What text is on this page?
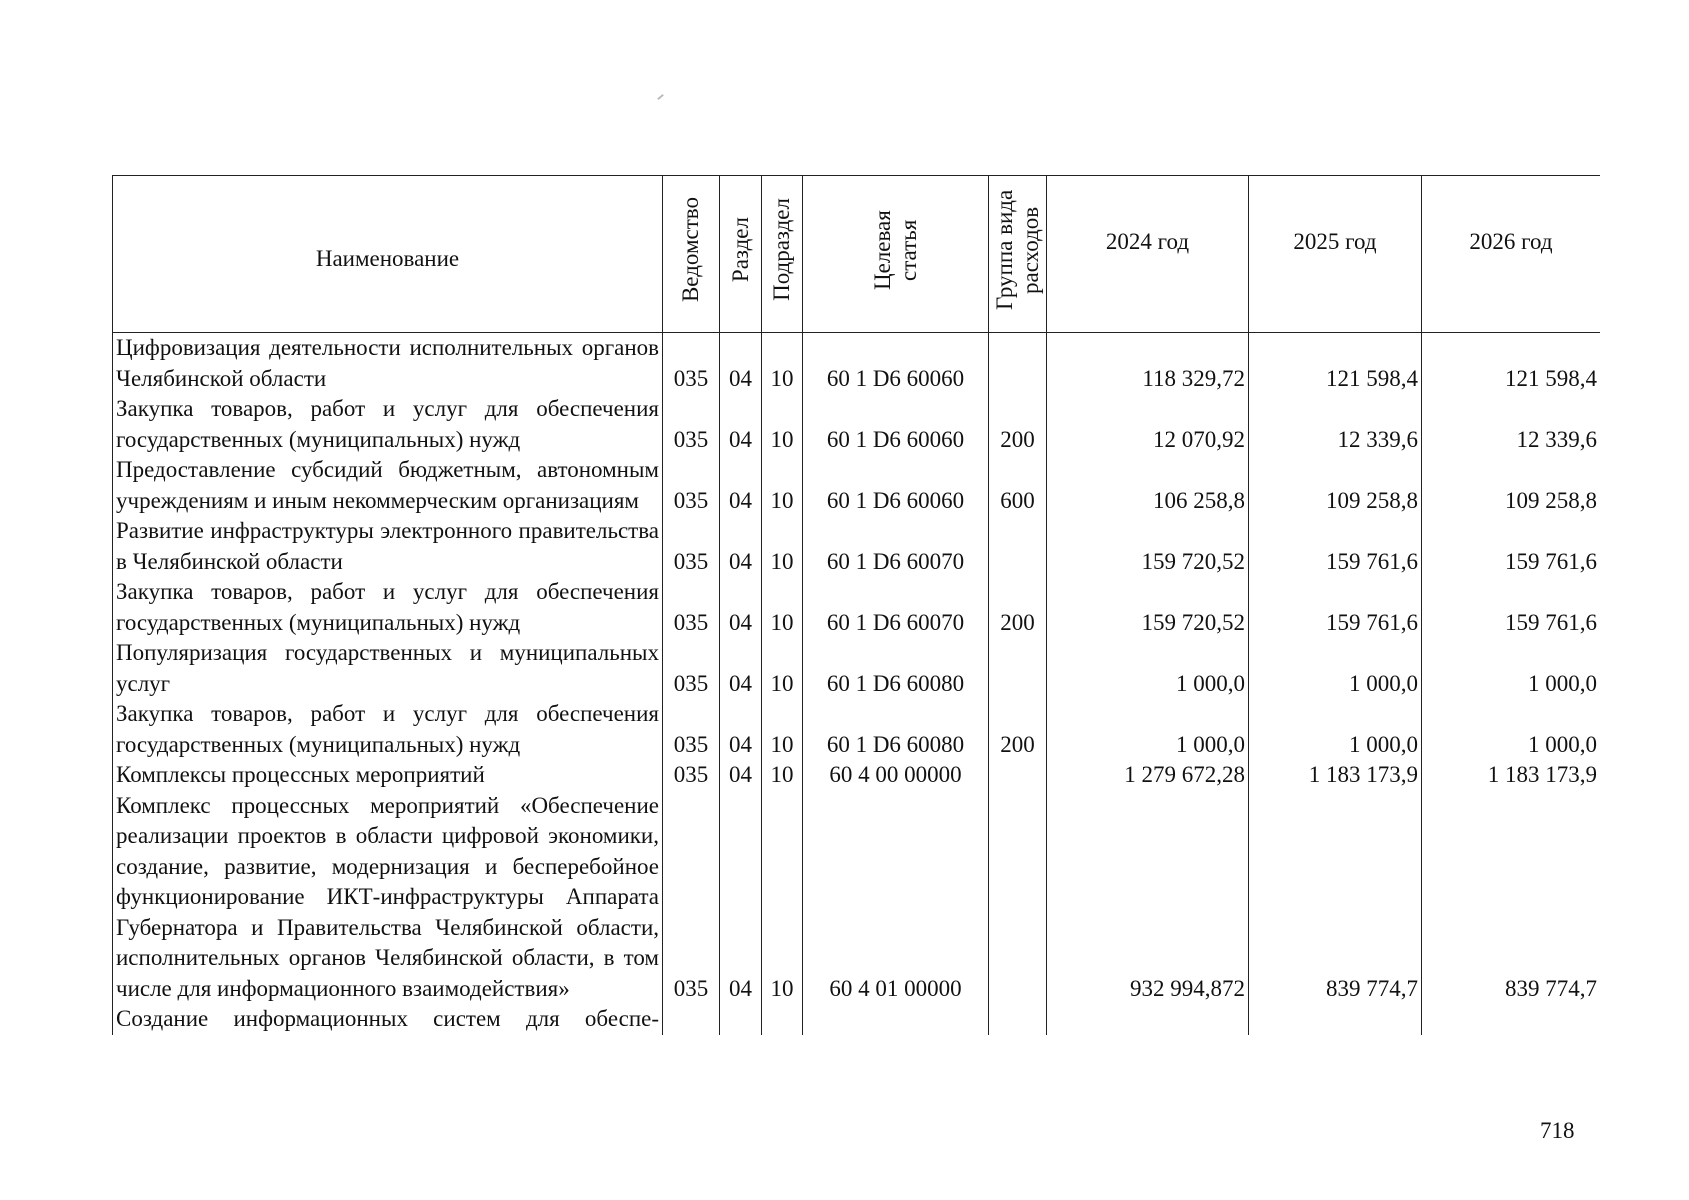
Наименование	Ведомство	Раздел	Подраздел	Целевая статья	Группа вида расходов	2024 год	2025 год	2026 год

Цифровизация деятельности исполнительных органов Челябинской области	035	04	10	60 1 D6 60060		118 329,72	121 598,4	121 598,4
Закупка товаров, работ и услуг для обеспечения государственных (муниципальных) нужд	035	04	10	60 1 D6 60060	200	12 070,92	12 339,6	12 339,6
Предоставление субсидий бюджетным, автономным учреждениям и иным некоммерческим организациям	035	04	10	60 1 D6 60060	600	106 258,8	109 258,8	109 258,8
Развитие инфраструктуры электронного правительства в Челябинской области	035	04	10	60 1 D6 60070		159 720,52	159 761,6	159 761,6
Закупка товаров, работ и услуг для обеспечения государственных (муниципальных) нужд	035	04	10	60 1 D6 60070	200	159 720,52	159 761,6	159 761,6
Популяризация государственных и муниципальных услуг	035	04	10	60 1 D6 60080		1 000,0	1 000,0	1 000,0
Закупка товаров, работ и услуг для обеспечения государственных (муниципальных) нужд	035	04	10	60 1 D6 60080	200	1 000,0	1 000,0	1 000,0
Комплексы процессных мероприятий	035	04	10	60 4 00 00000		1 279 672,28	1 183 173,9	1 183 173,9
Комплекс процессных мероприятий «Обеспечение реализации проектов в области цифровой экономики, создание, развитие, модернизация и бесперебойное функционирование ИКТ-инфраструктуры Аппарата Губернатора и Правительства Челябинской области, исполнительных органов Челябинской области, в том числе для информационного взаимодействия»	035	04	10	60 4 01 00000		932 994,872	839 774,7	839 774,7
Создание информационных систем для обеспе-								
718
